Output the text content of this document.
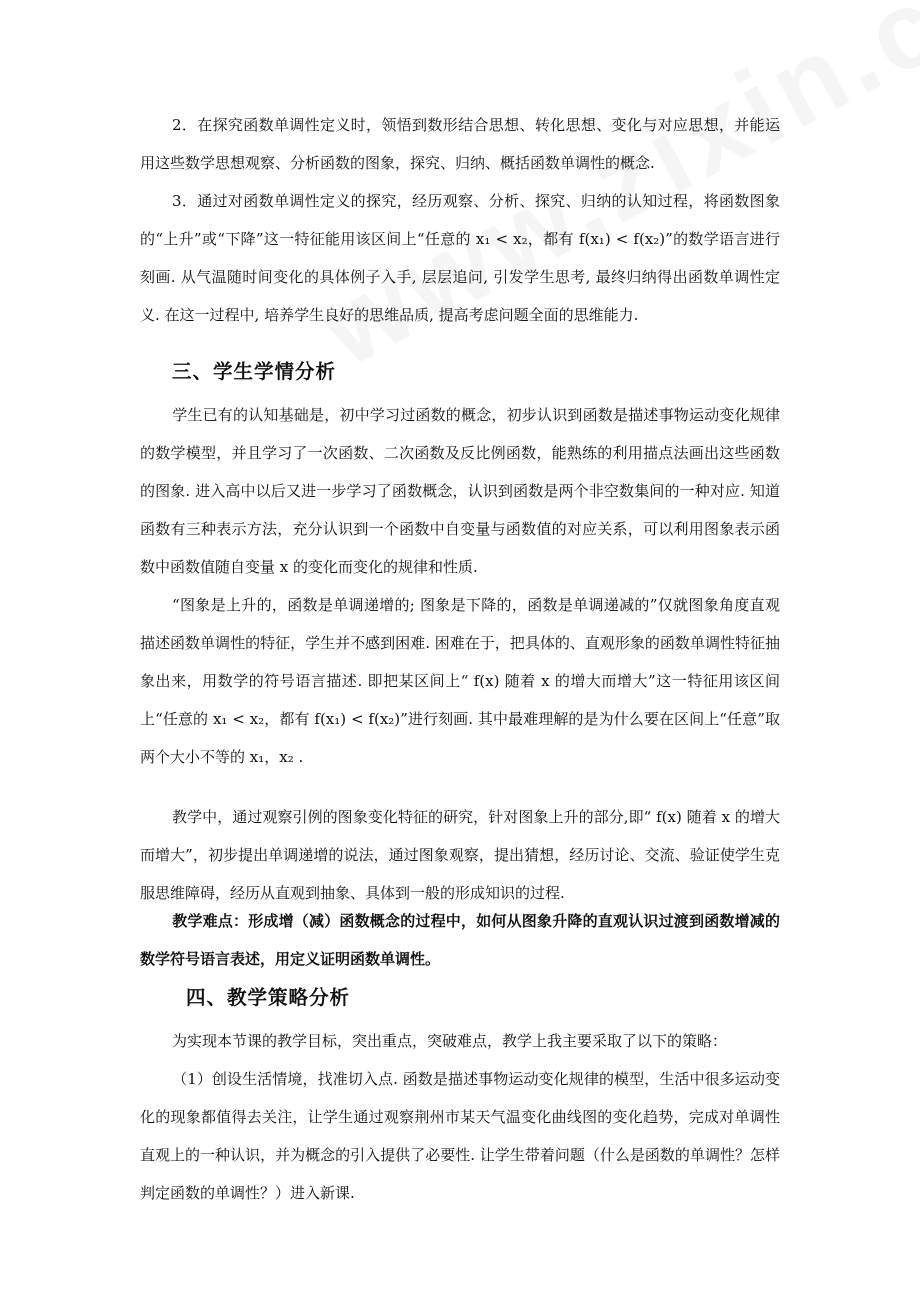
2．在探究函数单调性定义时，领悟到数形结合思想、转化思想、变化与对应思想，并能运用这些数学思想观察、分析函数的图象，探究、归纳、概括函数单调性的概念.

3．通过对函数单调性定义的探究，经历观察、分析、探究、归纳的认知过程，将函数图象的“上升”或“下降”这一特征能用该区间上“任意的 x₁ < x₂，都有 f(x₁) < f(x₂)”的数学语言进行刻画. 从气温随时间变化的具体例子入手, 层层追问, 引发学生思考, 最终归纳得出函数单调性定义. 在这一过程中, 培养学生良好的思维品质, 提高考虑问题全面的思维能力.

三、学生学情分析

学生已有的认知基础是，初中学习过函数的概念，初步认识到函数是描述事物运动变化规律的数学模型，并且学习了一次函数、二次函数及反比例函数，能熟练的利用描点法画出这些函数的图象. 进入高中以后又进一步学习了函数概念，认识到函数是两个非空数集间的一种对应. 知道函数有三种表示方法，充分认识到一个函数中自变量与函数值的对应关系，可以利用图象表示函数中函数值随自变量 x 的变化而变化的规律和性质.

“图象是上升的，函数是单调递增的; 图象是下降的，函数是单调递减的”仅就图象角度直观描述函数单调性的特征，学生并不感到困难. 困难在于，把具体的、直观形象的函数单调性特征抽象出来，用数学的符号语言描述. 即把某区间上“ f(x) 随着 x 的增大而增大”这一特征用该区间上“任意的 x₁ < x₂，都有 f(x₁) < f(x₂)”进行刻画. 其中最难理解的是为什么要在区间上“任意”取两个大小不等的 x₁，x₂ .

教学中，通过观察引例的图象变化特征的研究，针对图象上升的部分,即“ f(x) 随着 x 的增大而增大”，初步提出单调递增的说法，通过图象观察，提出猜想，经历讨论、交流、验证使学生克服思维障碍，经历从直观到抽象、具体到一般的形成知识的过程.

教学难点：形成增（减）函数概念的过程中，如何从图象升降的直观认识过渡到函数增减的数学符号语言表述，用定义证明函数单调性。

四、教学策略分析

为实现本节课的教学目标，突出重点，突破难点，教学上我主要采取了以下的策略：

（1）创设生活情境，找准切入点. 函数是描述事物运动变化规律的模型，生活中很多运动变化的现象都值得去关注，让学生通过观察荆州市某天气温变化曲线图的变化趋势，完成对单调性直观上的一种认识，并为概念的引入提供了必要性. 让学生带着问题（什么是函数的单调性？怎样判定函数的单调性？）进入新课.
